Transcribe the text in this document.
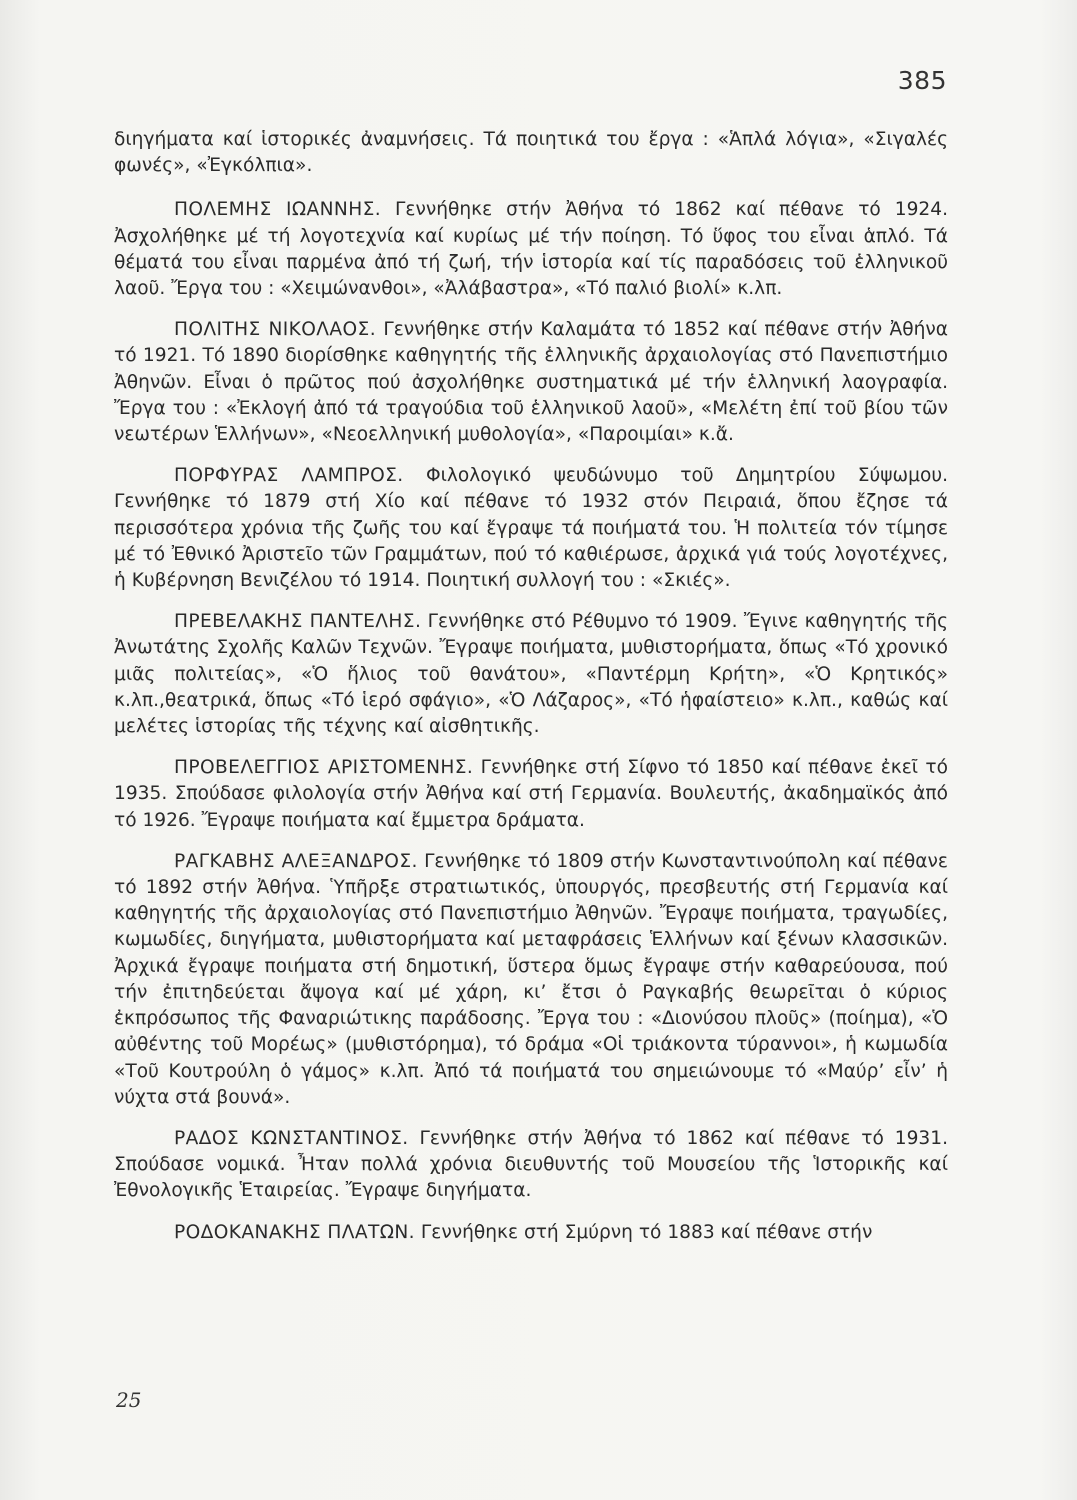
385

διηγήματα καί ἱστορικές ἀναμνήσεις. Τά ποιητικά του ἔργα : «Ἁπλά λόγια», «Σιγαλές φωνές», «Ἐγκόλπια».

ΠΟΛΕΜΗΣ ΙΩΑΝΝΗΣ. Γεννήθηκε στήν Ἀθήνα τό 1862 καί πέθανε τό 1924. Ἀσχολήθηκε μέ τή λογοτεχνία καί κυρίως μέ τήν ποίηση. Τό ὕφος του εἶναι ἁπλό. Τά θέματά του εἶναι παρμένα ἀπό τή ζωή, τήν ἱστορία καί τίς παραδόσεις τοῦ ἑλληνικοῦ λαοῦ. Ἔργα του : «Χειμώνανθοι», «Ἀλάβαστρα», «Τό παλιό βιολί» κ.λπ.

ΠΟΛΙΤΗΣ ΝΙΚΟΛΑΟΣ. Γεννήθηκε στήν Καλαμάτα τό 1852 καί πέθανε στήν Ἀθήνα τό 1921. Τό 1890 διορίσθηκε καθηγητής τῆς ἑλληνικῆς ἀρχαιολογίας στό Πανεπιστήμιο Ἀθηνῶν. Εἶναι ὁ πρῶτος πού ἀσχολήθηκε συστηματικά μέ τήν ἑλληνική λαογραφία. Ἔργα του : «Ἐκλογή ἀπό τά τραγούδια τοῦ ἑλληνικοῦ λαοῦ», «Μελέτη ἐπί τοῦ βίου τῶν νεωτέρων Ἑλλήνων», «Νεοελληνική μυθολογία», «Παροιμίαι» κ.ἄ.

ΠΟΡΦΥΡΑΣ ΛΑΜΠΡΟΣ. Φιλολογικό ψευδώνυμο τοῦ Δημητρίου Σύψωμου. Γεννήθηκε τό 1879 στή Χίο καί πέθανε τό 1932 στόν Πειραιά, ὅπου ἔζησε τά περισσότερα χρόνια τῆς ζωῆς του καί ἔγραψε τά ποιήματά του. Ἡ πολιτεία τόν τίμησε μέ τό Ἐθνικό Ἀριστεῖο τῶν Γραμμάτων, πού τό καθιέρωσε, ἀρχικά γιά τούς λογοτέχνες, ἡ Κυβέρνηση Βενιζέλου τό 1914. Ποιητική συλλογή του : «Σκιές».

ΠΡΕΒΕΛΑΚΗΣ ΠΑΝΤΕΛΗΣ. Γεννήθηκε στό Ρέθυμνο τό 1909. Ἔγινε καθηγητής τῆς Ἀνωτάτης Σχολῆς Καλῶν Τεχνῶν. Ἔγραψε ποιήματα, μυθιστορήματα, ὅπως «Τό χρονικό μιᾶς πολιτείας», «Ὁ ἥλιος τοῦ θανάτου», «Παντέρμη Κρήτη», «Ὁ Κρητικός» κ.λπ.,θεατρικά, ὅπως «Τό ἱερό σφάγιο», «Ὁ Λάζαρος», «Τό ἡφαίστειο» κ.λπ., καθώς καί μελέτες ἱστορίας τῆς τέχνης καί αἰσθητικῆς.

ΠΡΟΒΕΛΕΓΓΙΟΣ ΑΡΙΣΤΟΜΕΝΗΣ. Γεννήθηκε στή Σίφνο τό 1850 καί πέθανε ἐκεῖ τό 1935. Σπούδασε φιλολογία στήν Ἀθήνα καί στή Γερμανία. Βουλευτής, ἀκαδημαϊκός ἀπό τό 1926. Ἔγραψε ποιήματα καί ἔμμετρα δράματα.

ΡΑΓΚΑΒΗΣ ΑΛΕΞΑΝΔΡΟΣ. Γεννήθηκε τό 1809 στήν Κωνσταντινούπολη καί πέθανε τό 1892 στήν Ἀθήνα. Ὑπῆρξε στρατιωτικός, ὑπουργός, πρεσβευτής στή Γερμανία καί καθηγητής τῆς ἀρχαιολογίας στό Πανεπιστήμιο Ἀθηνῶν. Ἔγραψε ποιήματα, τραγωδίες, κωμωδίες, διηγήματα, μυθιστορήματα καί μεταφράσεις Ἑλλήνων καί ξένων κλασσικῶν. Ἀρχικά ἔγραψε ποιήματα στή δημοτική, ὕστερα ὅμως ἔγραψε στήν καθαρεύουσα, πού τήν ἐπιτηδεύεται ἄψογα καί μέ χάρη, κι’ ἔτσι ὁ Ραγκαβής θεωρεῖται ὁ κύριος ἐκπρόσωπος τῆς Φαναριώτικης παράδοσης. Ἔργα του : «Διονύσου πλοῦς» (ποίημα), «Ὁ αὐθέντης τοῦ Μορέως» (μυθιστόρημα), τό δράμα «Οἱ τριάκοντα τύραννοι», ἡ κωμωδία «Τοῦ Κουτρούλη ὁ γάμος» κ.λπ. Ἀπό τά ποιήματά του σημειώνουμε τό «Μαύρ’ εἶν’ ἡ νύχτα στά βουνά».

ΡΑΔΟΣ ΚΩΝΣΤΑΝΤΙΝΟΣ. Γεννήθηκε στήν Ἀθήνα τό 1862 καί πέθανε τό 1931. Σπούδασε νομικά. Ἦταν πολλά χρόνια διευθυντής τοῦ Μουσείου τῆς Ἱστορικῆς καί Ἐθνολογικῆς Ἑταιρείας. Ἔγραψε διηγήματα.

ΡΟΔΟΚΑΝΑΚΗΣ ΠΛΑΤΩΝ. Γεννήθηκε στή Σμύρνη τό 1883 καί πέθανε στήν

25
